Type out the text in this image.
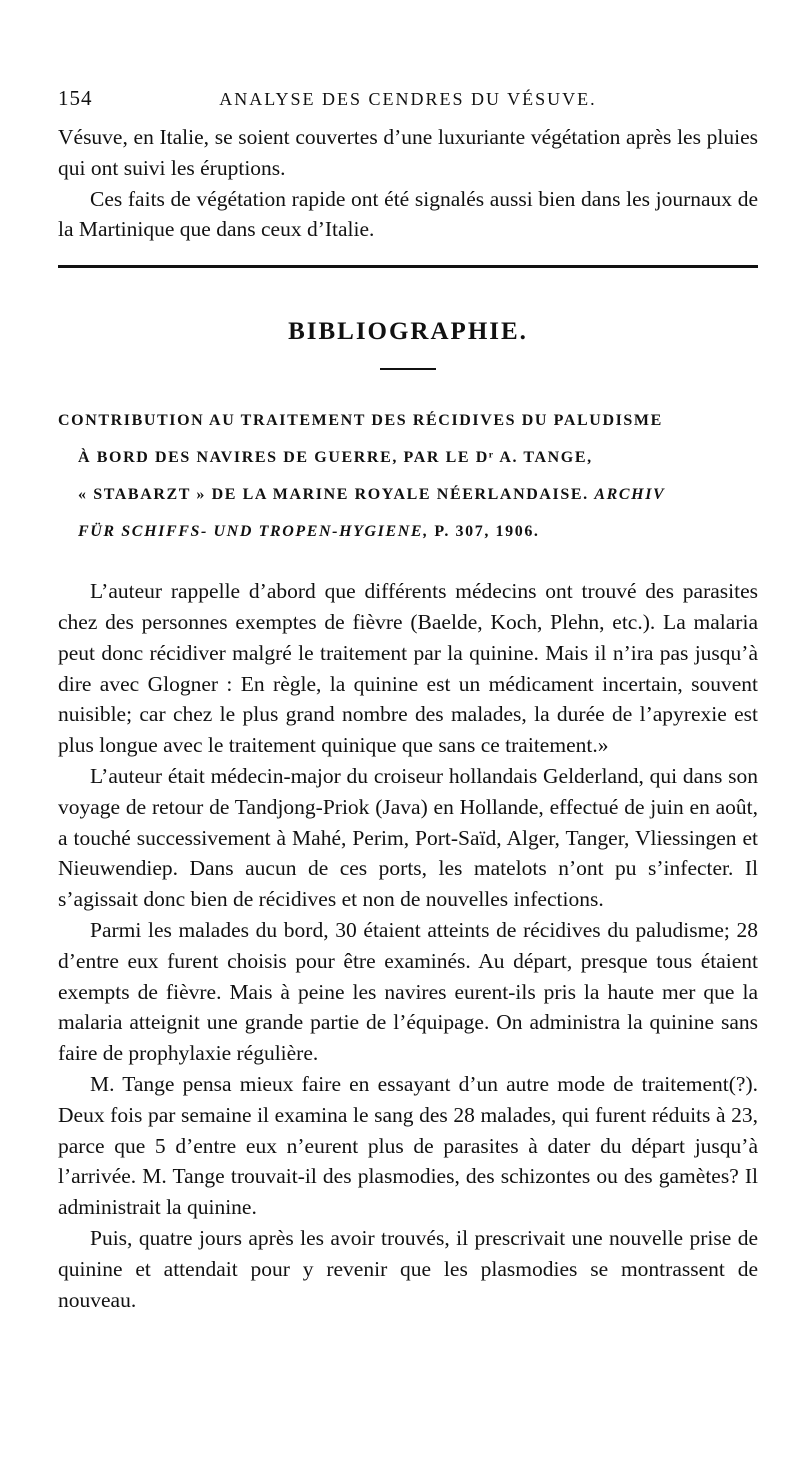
154	ANALYSE DES CENDRES DU VÉSUVE.

Vésuve, en Italie, se soient couvertes d’une luxuriante végétation après les pluies qui ont suivi les éruptions.

Ces faits de végétation rapide ont été signalés aussi bien dans les journaux de la Martinique que dans ceux d’Italie.

BIBLIOGRAPHIE.
CONTRIBUTION AU TRAITEMENT DES RÉCIDIVES DU PALUDISME
À BORD DES NAVIRES DE GUERRE, PAR LE Dʳ A. TANGE,
« STABARZT » DE LA MARINE ROYALE NÉERLANDAISE. ARCHIV
FÜR SCHIFFS- UND TROPEN-HYGIENE, P. 307, 1906.

L’auteur rappelle d’abord que différents médecins ont trouvé des parasites chez des personnes exemptes de fièvre (Baelde, Koch, Plehn, etc.). La malaria peut donc récidiver malgré le traitement par la quinine. Mais il n’ira pas jusqu’à dire avec Glogner : En règle, la quinine est un médicament incertain, souvent nuisible; car chez le plus grand nombre des malades, la durée de l’apyrexie est plus longue avec le traitement quinique que sans ce traitement.»

L’auteur était médecin-major du croiseur hollandais Gelderland, qui dans son voyage de retour de Tandjong-Priok (Java) en Hollande, effectué de juin en août, a touché successivement à Mahé, Perim, Port-Saïd, Alger, Tanger, Vliessingen et Nieuwendiep. Dans aucun de ces ports, les matelots n’ont pu s’infecter. Il s’agissait donc bien de récidives et non de nouvelles infections.

Parmi les malades du bord, 30 étaient atteints de récidives du paludisme; 28 d’entre eux furent choisis pour être examinés. Au départ, presque tous étaient exempts de fièvre. Mais à peine les navires eurent-ils pris la haute mer que la malaria atteignit une grande partie de l’équipage. On administra la quinine sans faire de prophylaxie régulière.

M. Tange pensa mieux faire en essayant d’un autre mode de traitement(?). Deux fois par semaine il examina le sang des 28 malades, qui furent réduits à 23, parce que 5 d’entre eux n’eurent plus de parasites à dater du départ jusqu’à l’arrivée. M. Tange trouvait-il des plasmodies, des schizontes ou des gamètes? Il administrait la quinine.

Puis, quatre jours après les avoir trouvés, il prescrivait une nouvelle prise de quinine et attendait pour y revenir que les plasmodies se montrassent de nouveau.
